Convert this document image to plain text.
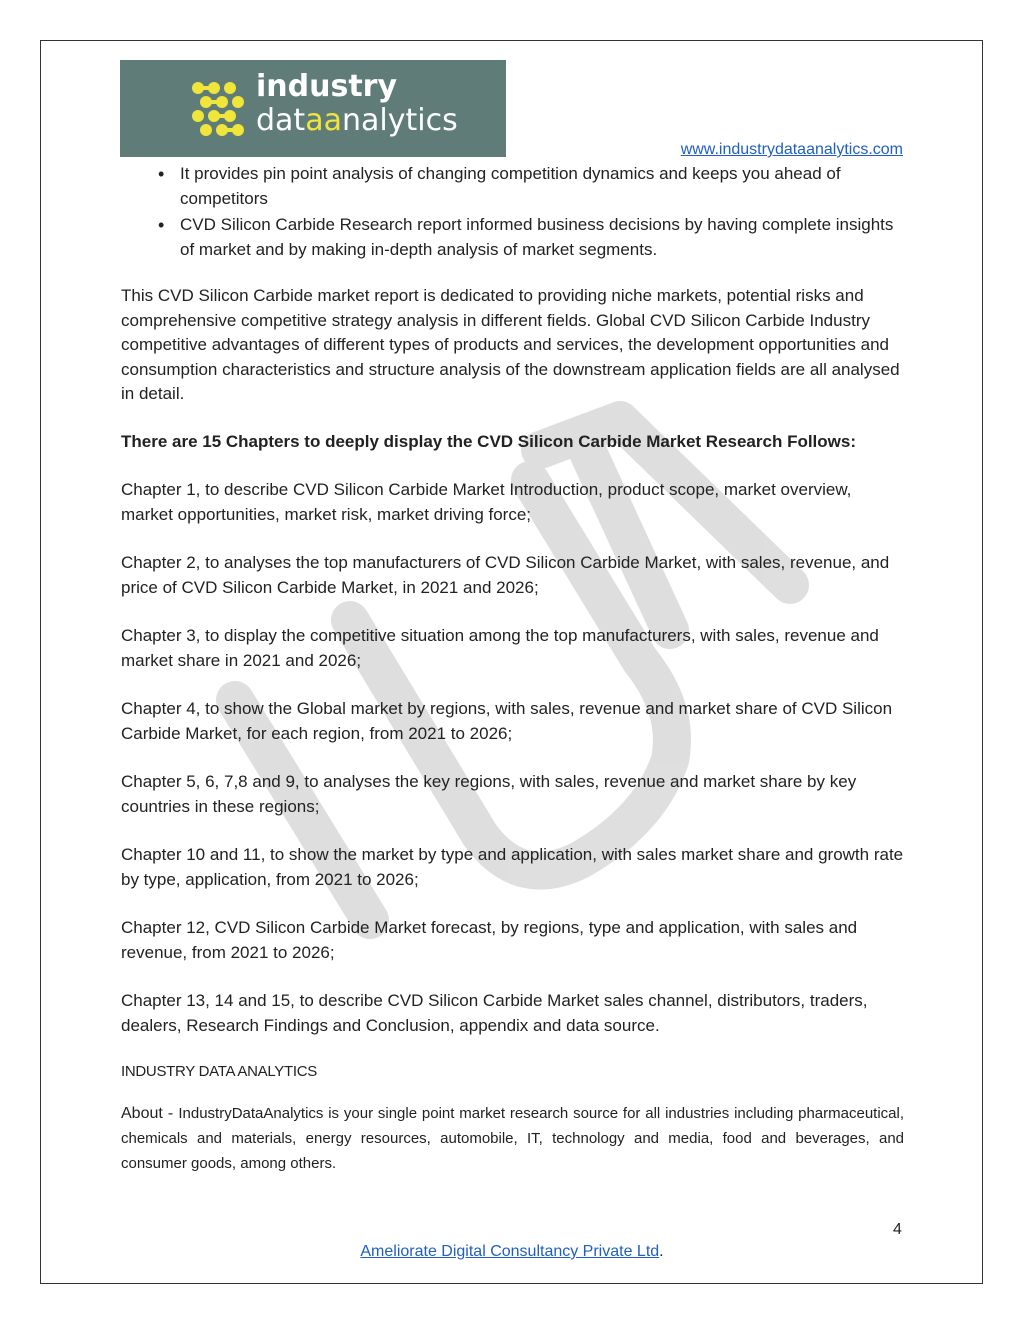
industry
dataanalytics
www.industrydataanalytics.com
• It provides pin point analysis of changing competition dynamics and keeps you ahead of competitors
• CVD Silicon Carbide Research report informed business decisions by having complete insights of market and by making in-depth analysis of market segments.

This CVD Silicon Carbide market report is dedicated to providing niche markets, potential risks and comprehensive competitive strategy analysis in different fields. Global CVD Silicon Carbide Industry competitive advantages of different types of products and services, the development opportunities and consumption characteristics and structure analysis of the downstream application fields are all analysed in detail.

There are 15 Chapters to deeply display the CVD Silicon Carbide Market Research Follows:

Chapter 1, to describe CVD Silicon Carbide Market Introduction, product scope, market overview, market opportunities, market risk, market driving force;

Chapter 2, to analyses the top manufacturers of CVD Silicon Carbide Market, with sales, revenue, and price of CVD Silicon Carbide Market, in 2021 and 2026;

Chapter 3, to display the competitive situation among the top manufacturers, with sales, revenue and market share in 2021 and 2026;

Chapter 4, to show the Global market by regions, with sales, revenue and market share of CVD Silicon Carbide Market, for each region, from 2021 to 2026;

Chapter 5, 6, 7,8 and 9, to analyses the key regions, with sales, revenue and market share by key countries in these regions;

Chapter 10 and 11, to show the market by type and application, with sales market share and growth rate by type, application, from 2021 to 2026;

Chapter 12, CVD Silicon Carbide Market forecast, by regions, type and application, with sales and revenue, from 2021 to 2026;

Chapter 13, 14 and 15, to describe CVD Silicon Carbide Market sales channel, distributors, traders, dealers, Research Findings and Conclusion, appendix and data source.

INDUSTRY DATA ANALYTICS

About - IndustryDataAnalytics is your single point market research source for all industries including pharmaceutical, chemicals and materials, energy resources, automobile, IT, technology and media, food and beverages, and consumer goods, among others.

4
Ameliorate Digital Consultancy Private Ltd.
